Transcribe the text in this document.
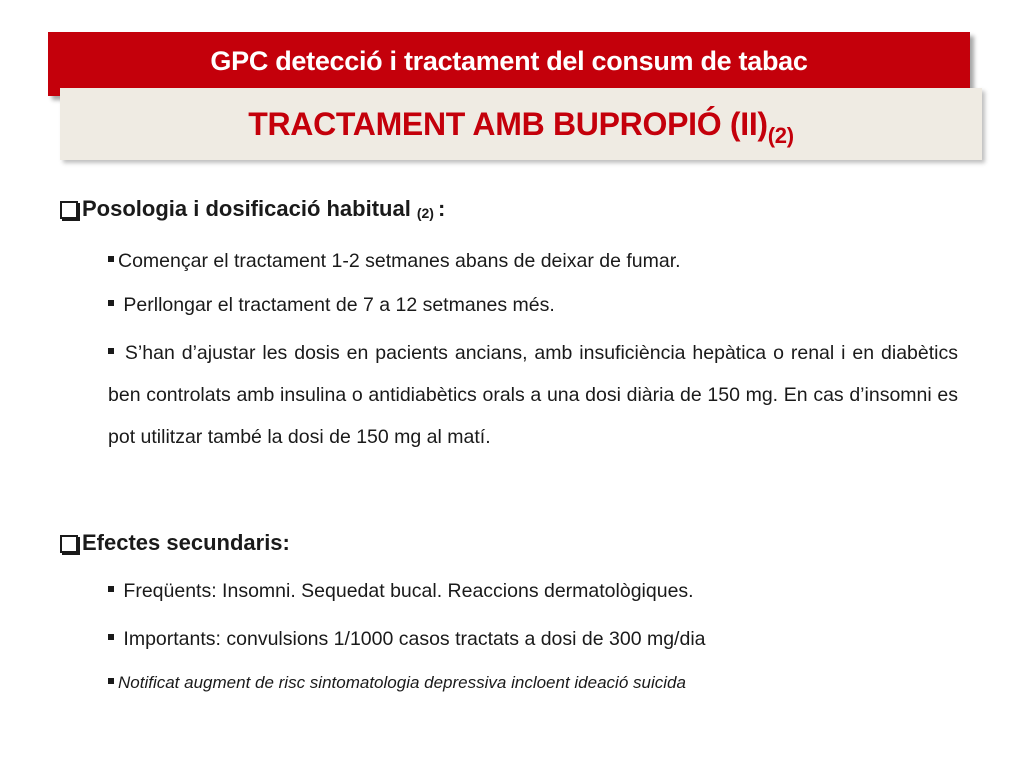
GPC detecció i tractament del consum de tabac
TRACTAMENT AMB BUPROPIÓ $(II)_{(2)}$
Posologia i dosificació habitual (2) :
Començar el tractament 1-2 setmanes abans de deixar de fumar.
Perllongar el tractament de 7 a 12 setmanes més.
S’han d’ajustar les dosis en pacients ancians, amb insuficiència hepàtica o renal i en diabètics ben controlats amb insulina o antidiabètics orals a una dosi diària de 150 mg. En cas d’insomni es pot utilitzar també la dosi de 150 mg al matí.
Efectes secundaris:
Freqüents: Insomni. Sequedat bucal. Reaccions dermatològiques.
Importants: convulsions 1/1000 casos tractats a dosi de 300 mg/dia
Notificat augment de risc sintomatologia depressiva incloent ideació suicida
